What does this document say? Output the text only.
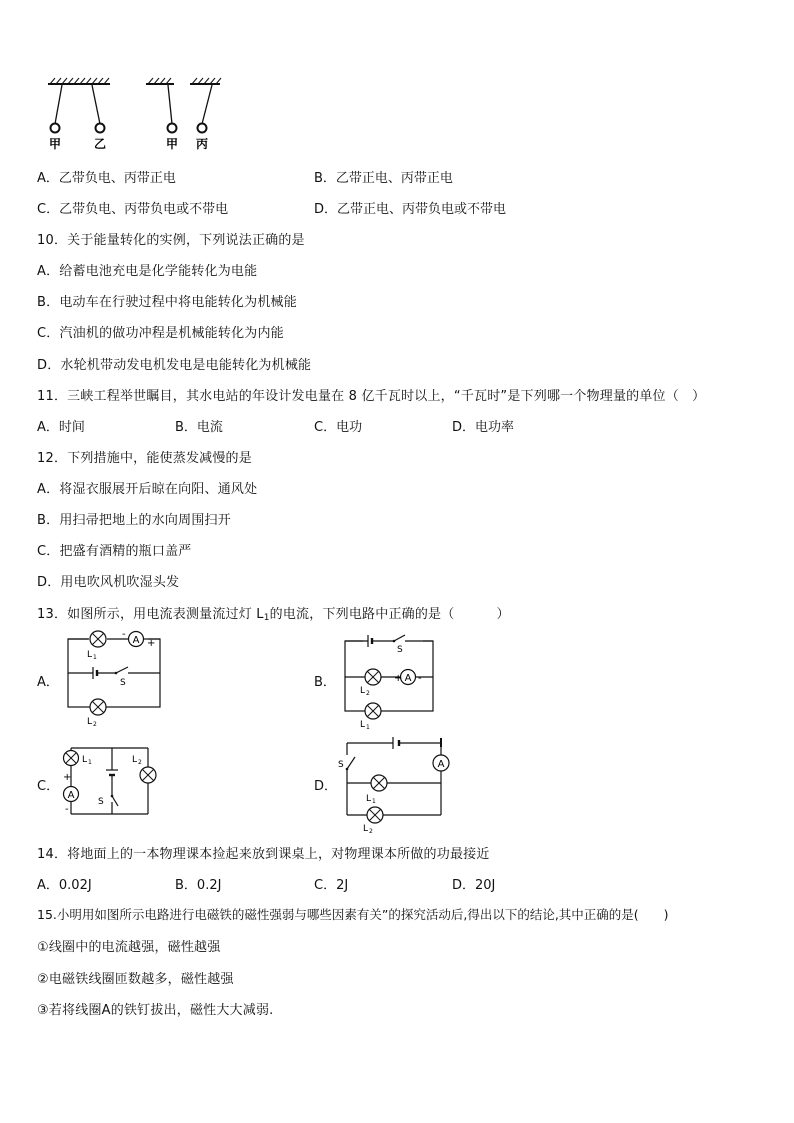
甲	乙	甲 丙
A．乙带负电、丙带正电	B．乙带正电、丙带正电
C．乙带负电、丙带负电或不带电	D．乙带正电、丙带负电或不带电
10．关于能量转化的实例，下列说法正确的是
A．给蓄电池充电是化学能转化为电能
B．电动车在行驶过程中将电能转化为机械能
C．汽油机的做功冲程是机械能转化为内能
D．水轮机带动发电机发电是电能转化为机械能
11．三峡工程举世瞩目，其水电站的年设计发电量在 8 亿千瓦时以上，“千瓦时”是下列哪一个物理量的单位（　）
A．时间	B．电流	C．电功	D．电功率
12．下列措施中，能使蒸发减慢的是
A．将湿衣服展开后晾在向阳、通风处
B．用扫帚把地上的水向周围扫开
C．把盛有酒精的瓶口盖严
D．用电吹风机吹湿头发
13．如图所示，用电流表测量流过灯 $L_1$的电流，下列电路中正确的是（	）
A．	B．
C．	D．
A
-
+
L 1
S
L 2
S
A
+ -
L 2
L 1
S
L 1
+
A
-
L 2	S	A
L 1
L 2
14．将地面上的一本物理课本捡起来放到课桌上，对物理课本所做的功最接近
A．0.02J	B．0.2J	C．2J	D．20J
15.小明用如图所示电路进行电磁铁的磁性强弱与哪些因素有关”的探究活动后,得出以下的结论,其中正确的是(　　)
①线圈中的电流越强，磁性越强
②电磁铁线圈匝数越多，磁性越强
③若将线圈A的铁钉拔出，磁性大大减弱.
